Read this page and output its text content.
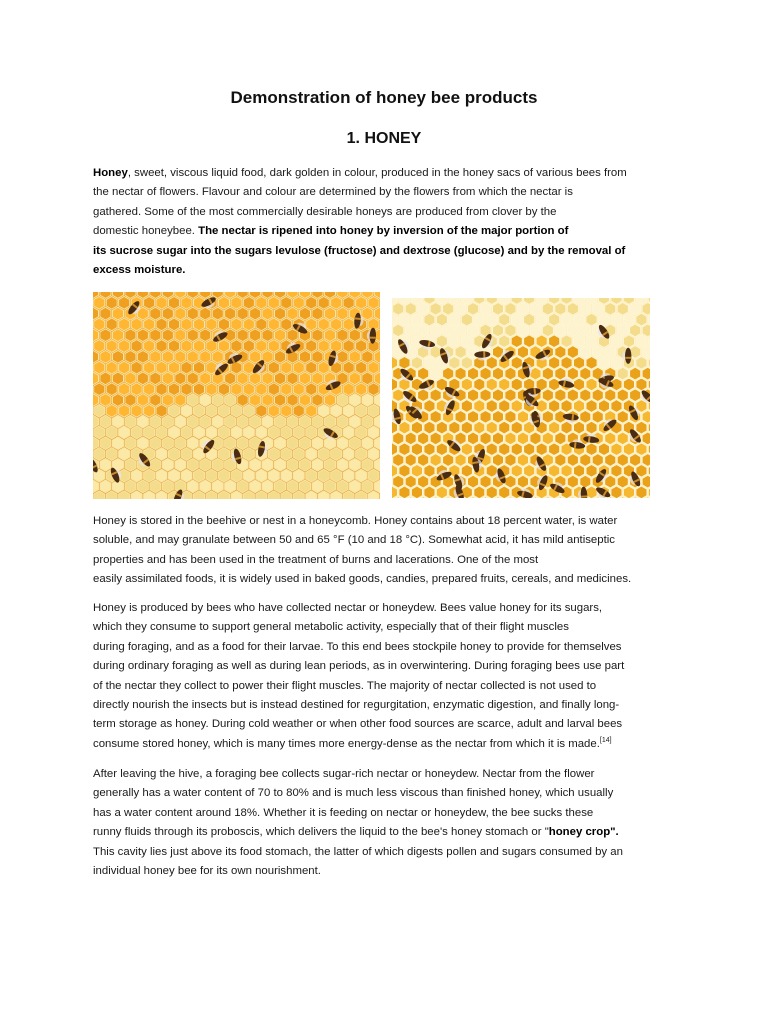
Demonstration of honey bee products
1. HONEY
Honey, sweet, viscous liquid food, dark golden in colour, produced in the honey sacs of various bees from
the nectar of flowers. Flavour and colour are determined by the flowers from which the nectar is
gathered. Some of the most commercially desirable honeys are produced from clover by the
domestic honeybee. The nectar is ripened into honey by inversion of the major portion of
its sucrose sugar into the sugars levulose (fructose) and dextrose (glucose) and by the removal of
excess moisture.
Honey is stored in the beehive or nest in a honeycomb. Honey contains about 18 percent water, is water
soluble, and may granulate between 50 and 65 °F (10 and 18 °C). Somewhat acid, it has mild antiseptic
properties and has been used in the treatment of burns and lacerations. One of the most
easily assimilated foods, it is widely used in baked goods, candies, prepared fruits, cereals, and medicines.
Honey is produced by bees who have collected nectar or honeydew. Bees value honey for its sugars,
which they consume to support general metabolic activity, especially that of their flight muscles
during foraging, and as a food for their larvae. To this end bees stockpile honey to provide for themselves
during ordinary foraging as well as during lean periods, as in overwintering. During foraging bees use part
of the nectar they collect to power their flight muscles. The majority of nectar collected is not used to
directly nourish the insects but is instead destined for regurgitation, enzymatic digestion, and finally long-
term storage as honey. During cold weather or when other food sources are scarce, adult and larval bees
consume stored honey, which is many times more energy-dense as the nectar from which it is made.[14]
After leaving the hive, a foraging bee collects sugar-rich nectar or honeydew. Nectar from the flower
generally has a water content of 70 to 80% and is much less viscous than finished honey, which usually
has a water content around 18%. Whether it is feeding on nectar or honeydew, the bee sucks these
runny fluids through its proboscis, which delivers the liquid to the bee's honey stomach or "honey crop".
This cavity lies just above its food stomach, the latter of which digests pollen and sugars consumed by an
individual honey bee for its own nourishment.
